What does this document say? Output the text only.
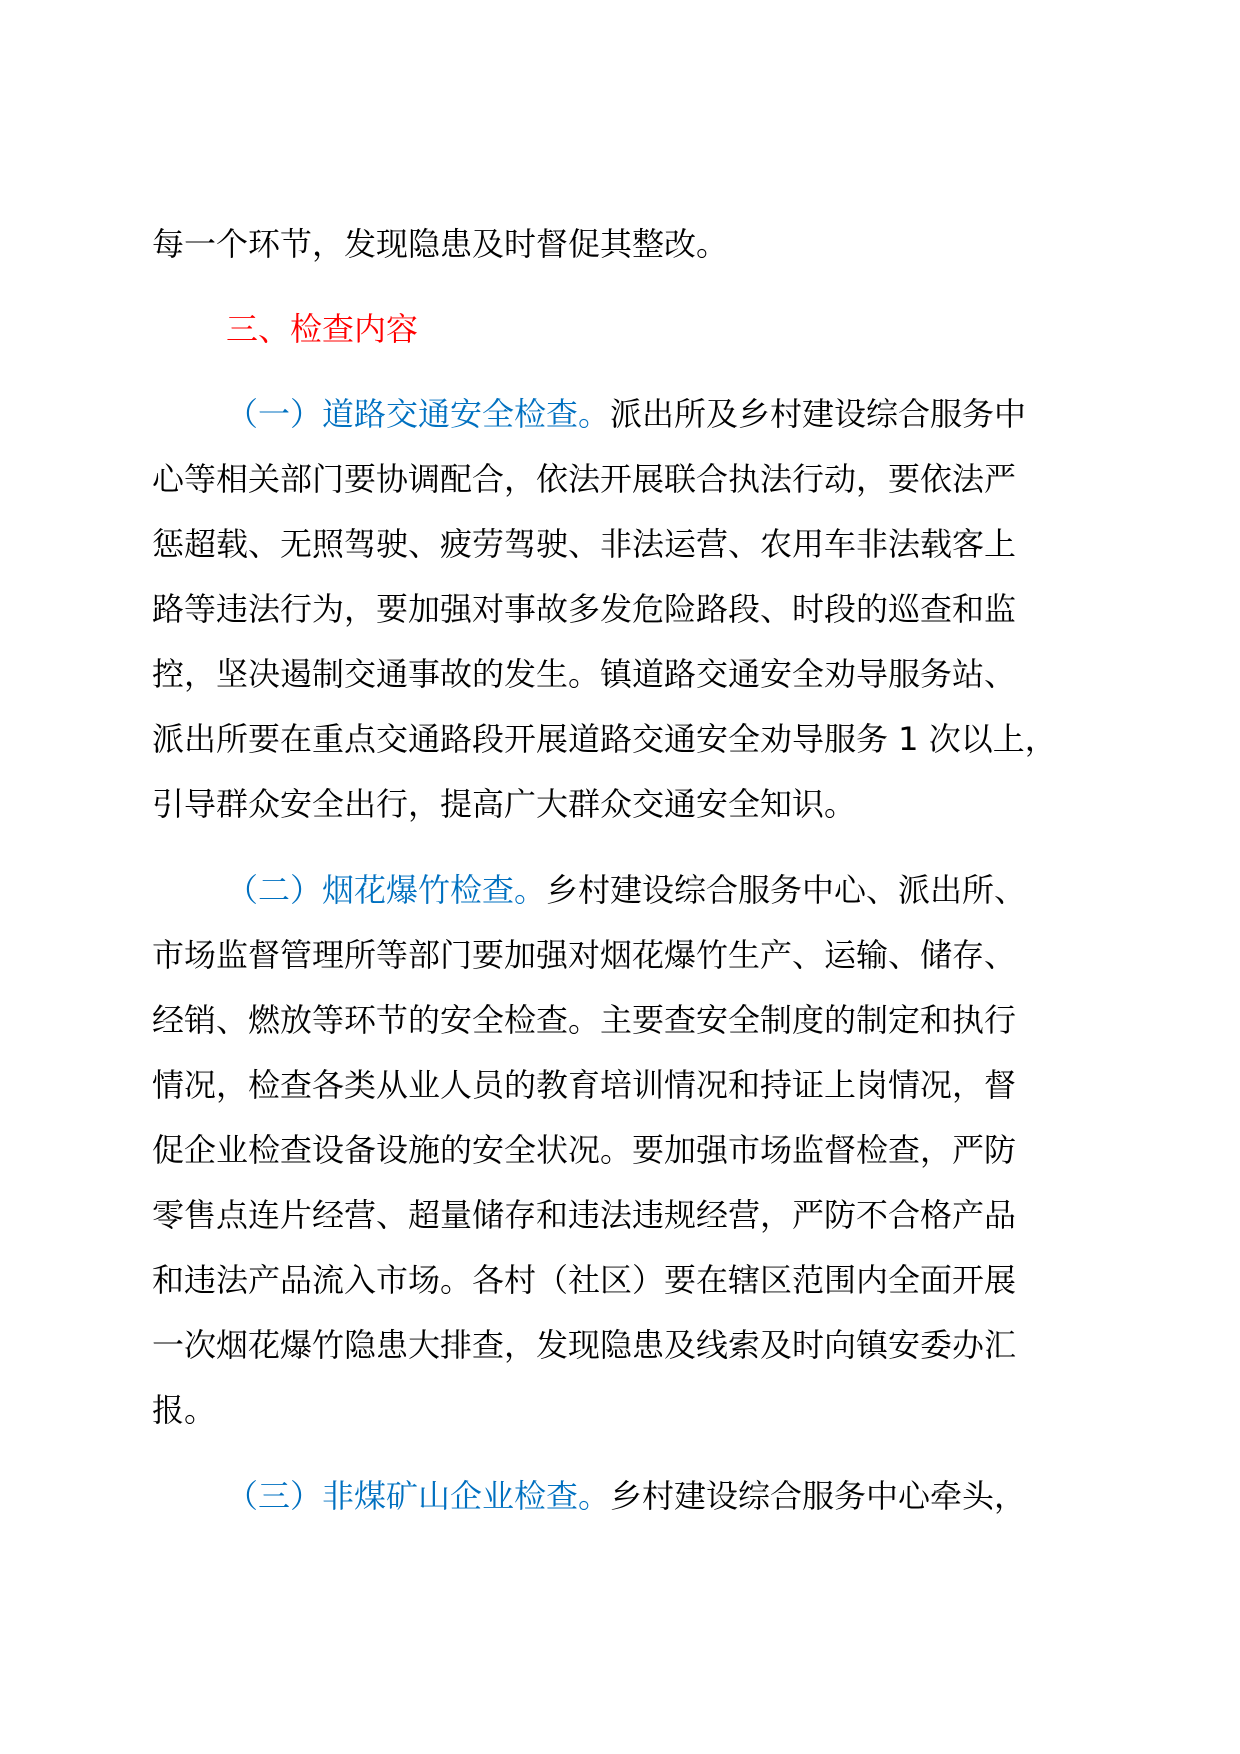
每一个环节，发现隐患及时督促其整改。
三、检查内容
（一）道路交通安全检查。派出所及乡村建设综合服务中
心等相关部门要协调配合，依法开展联合执法行动，要依法严
惩超载、无照驾驶、疲劳驾驶、非法运营、农用车非法载客上
路等违法行为，要加强对事故多发危险路段、时段的巡查和监
控，坚决遏制交通事故的发生。镇道路交通安全劝导服务站、
派出所要在重点交通路段开展道路交通安全劝导服务 1 次以上，
引导群众安全出行，提高广大群众交通安全知识。
（二）烟花爆竹检查。乡村建设综合服务中心、派出所、
市场监督管理所等部门要加强对烟花爆竹生产、运输、储存、
经销、燃放等环节的安全检查。主要查安全制度的制定和执行
情况，检查各类从业人员的教育培训情况和持证上岗情况，督
促企业检查设备设施的安全状况。要加强市场监督检查，严防
零售点连片经营、超量储存和违法违规经营，严防不合格产品
和违法产品流入市场。各村（社区）要在辖区范围内全面开展
一次烟花爆竹隐患大排查，发现隐患及线索及时向镇安委办汇
报。
（三）非煤矿山企业检查。乡村建设综合服务中心牵头，
